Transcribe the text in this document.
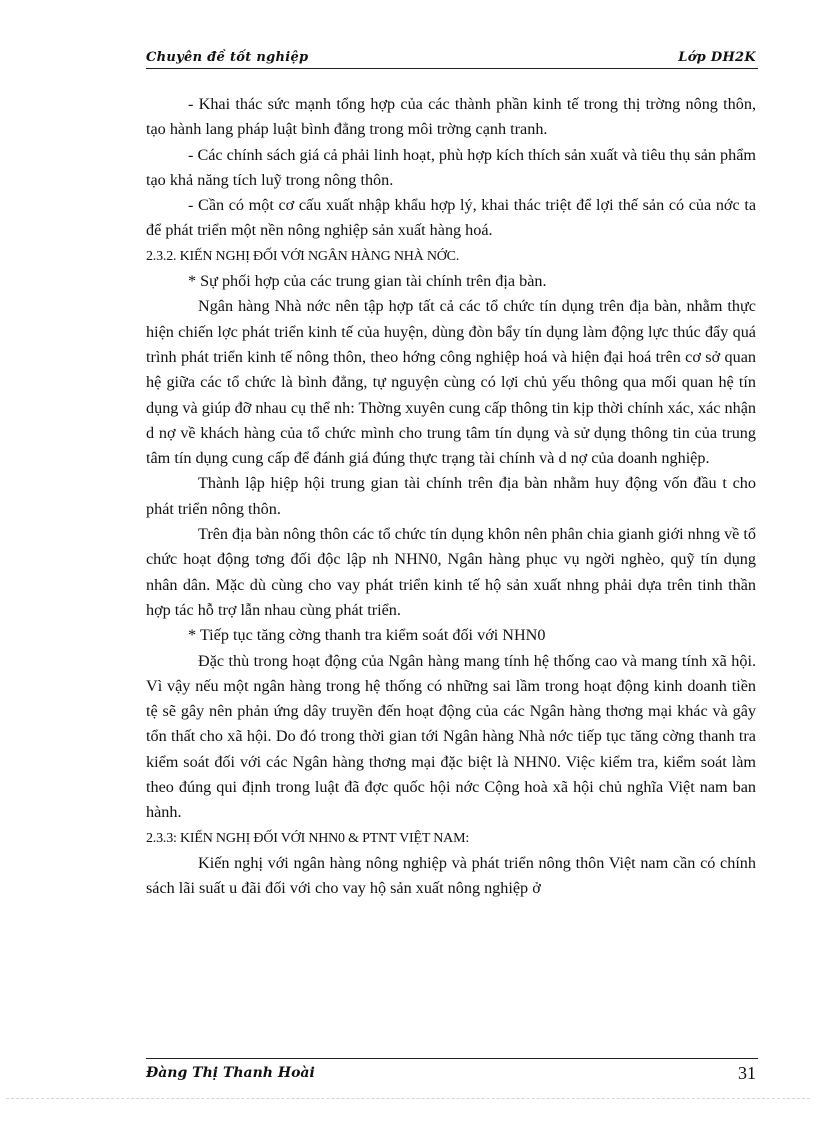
Chuyên đề tốt nghiệp	Lớp DH2K

- Khai thác sức mạnh tổng hợp của các thành phần kinh tế trong thị trờng nông thôn, tạo hành lang pháp luật bình đẳng trong môi trờng cạnh tranh.

- Các chính sách giá cả phải linh hoạt, phù hợp kích thích sản xuất và tiêu thụ sản phẩm tạo khả năng tích luỹ trong nông thôn.

- Cần có một cơ cấu xuất nhập khẩu hợp lý, khai thác triệt để lợi thế sản có của nớc ta để phát triển một nền nông nghiệp sản xuất hàng hoá.

2.3.2. KIẾN NGHỊ ĐỐI VỚI NGÂN HÀNG NHÀ NỚC.

* Sự phối hợp của các trung gian tài chính trên địa bàn.

Ngân hàng Nhà nớc nên tập hợp tất cả các tổ chức tín dụng trên địa bàn, nhằm thực hiện chiến lợc phát triển kinh tế của huyện, dùng đòn bẩy tín dụng làm động lực thúc đẩy quá trình phát triển kinh tế nông thôn, theo hớng công nghiệp hoá và hiện đại hoá trên cơ sở quan hệ giữa các tổ chức là bình đẳng, tự nguyện cùng có lợi chủ yếu thông qua mối quan hệ tín dụng và giúp đỡ nhau cụ thể nh: Thờng xuyên cung cấp thông tin kịp thời chính xác, xác nhận d nợ về khách hàng của tổ chức mình cho trung tâm tín dụng và sử dụng thông tin của trung tâm tín dụng cung cấp để đánh giá đúng thực trạng tài chính và d nợ của doanh nghiệp.

Thành lập hiệp hội trung gian tài chính trên địa bàn nhằm huy động vốn đầu t cho phát triển nông thôn.

Trên địa bàn nông thôn các tổ chức tín dụng khôn nên phân chia gianh giới nhng về tổ chức hoạt động tơng đối độc lập nh NHN0, Ngân hàng phục vụ ngời nghèo, quỹ tín dụng nhân dân. Mặc dù cùng cho vay phát triển kinh tế hộ sản xuất nhng phải dựa trên tinh thần hợp tác hỗ trợ lẫn nhau cùng phát triển.

* Tiếp tục tăng cờng thanh tra kiểm soát đối với NHN0

Đặc thù trong hoạt động của Ngân hàng mang tính hệ thống cao và mang tính xã hội. Vì vậy nếu một ngân hàng trong hệ thống có những sai lầm trong hoạt động kinh doanh tiền tệ sẽ gây nên phản ứng dây truyền đến hoạt động của các Ngân hàng thơng mại khác và gây tổn thất cho xã hội. Do đó trong thời gian tới Ngân hàng Nhà nớc tiếp tục tăng cờng thanh tra kiểm soát đối với các Ngân hàng thơng mại đặc biệt là NHN0. Việc kiểm tra, kiểm soát làm theo đúng qui định trong luật đã đợc quốc hội nớc Cộng hoà xã hội chủ nghĩa Việt nam ban hành.

2.3.3: KIẾN NGHỊ ĐỐI VỚI NHN0 & PTNT VIỆT NAM:

Kiến nghị với ngân hàng nông nghiệp và phát triển nông thôn Việt nam cần có chính sách lãi suất u đãi đối với cho vay hộ sản xuất nông nghiệp ở

Đàng Thị Thanh Hoài	31
